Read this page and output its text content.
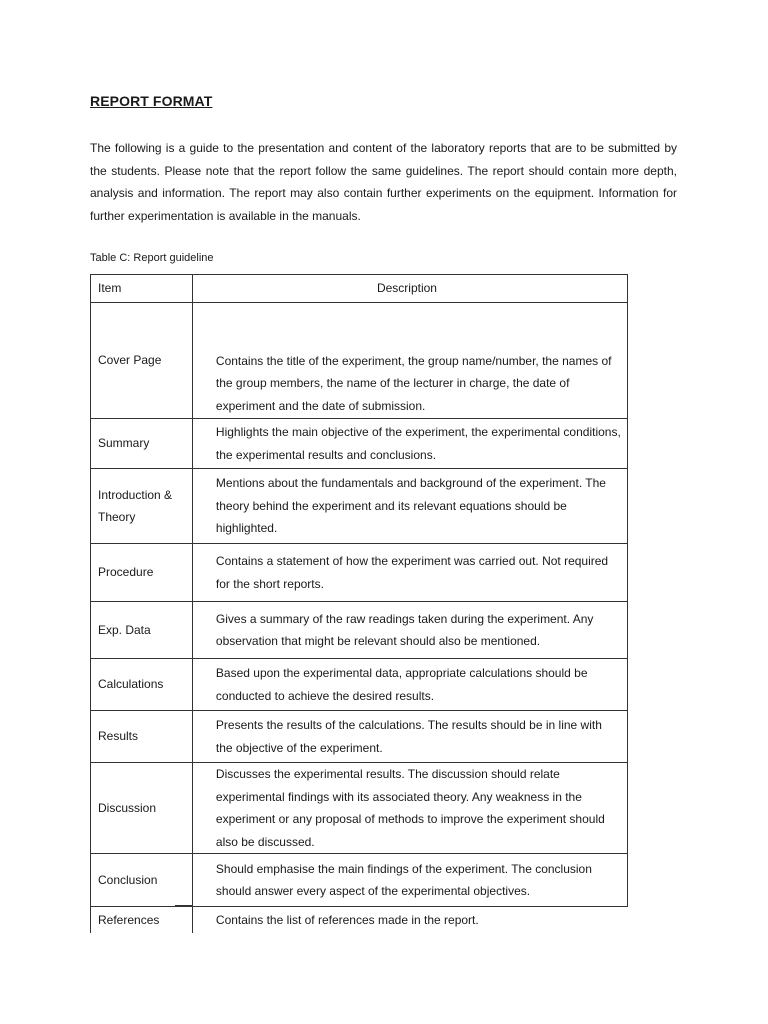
REPORT FORMAT

The following is a guide to the presentation and content of the laboratory reports that are to be submitted by the students. Please note that the report follow the same guidelines. The report should contain more depth, analysis and information. The report may also contain further experiments on the equipment. Information for further experimentation is available in the manuals.

Table C: Report guideline
Item	Description
Cover Page	Contains the title of the experiment, the group name/number, the names of the group members, the name of the lecturer in charge, the date of experiment and the date of submission.
Summary	Highlights the main objective of the experiment, the experimental conditions, the experimental results and conclusions.
Introduction & Theory	Mentions about the fundamentals and background of the experiment. The theory behind the experiment and its relevant equations should be highlighted.
Procedure	Contains a statement of how the experiment was carried out. Not required for the short reports.
Exp. Data	Gives a summary of the raw readings taken during the experiment. Any observation that might be relevant should also be mentioned.
Calculations	Based upon the experimental data, appropriate calculations should be conducted to achieve the desired results.
Results	Presents the results of the calculations. The results should be in line with the objective of the experiment.
Discussion	Discusses the experimental results. The discussion should relate experimental findings with its associated theory. Any weakness in the experiment or any proposal of methods to improve the experiment should also be discussed.
Conclusion	Should emphasise the main findings of the experiment. The conclusion should answer every aspect of the experimental objectives.
References	Contains the list of references made in the report.
